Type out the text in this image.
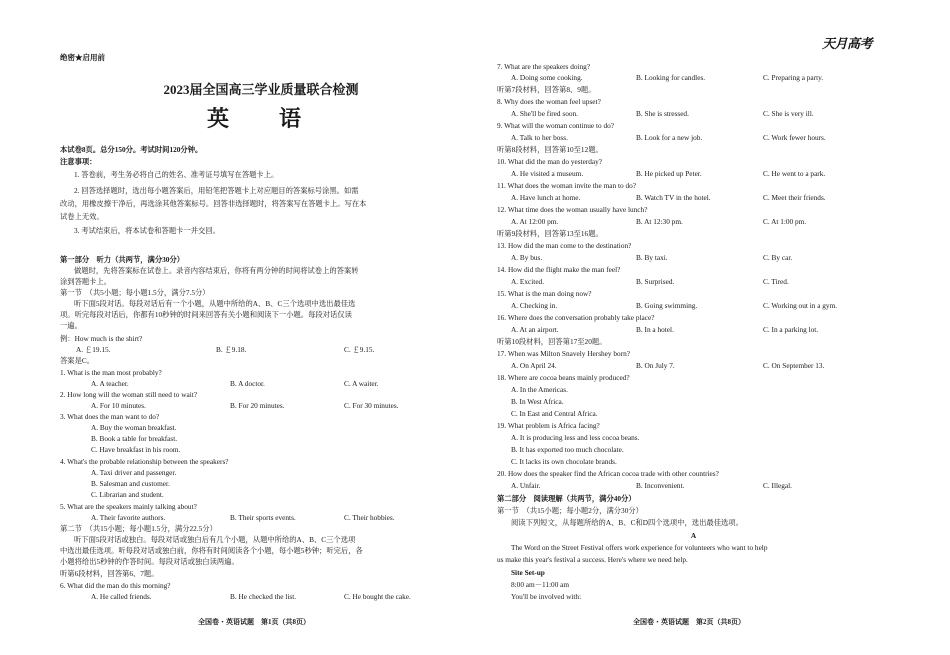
天月高考
绝密★启用前
2023届全国高三学业质量联合检测
英　语
本试卷8页。总分150分。考试时间120分钟。
注意事项：
1. 答卷前，考生务必将自己的姓名、准考证号填写在答题卡上。
2. 回答选择题时，选出每小题答案后，用铅笔把答题卡上对应题目的答案标号涂黑。如需
改动，用橡皮擦干净后，再选涂其他答案标号。回答非选择题时，将答案写在答题卡上。写在本
试卷上无效。
3. 考试结束后，将本试卷和答题卡一并交回。
第一部分　听力（共两节，满分30分）
做题时，先将答案标在试卷上。录音内容结束后，你将有两分钟的时间将试卷上的答案转
涂到答题卡上。
第一节　（共5小题；每小题1.5分，满分7.5分）
听下面5段对话。每段对话后有一个小题，从题中所给的A、B、C三个选项中选出最佳选
项。听完每段对话后，你都有10秒钟的时间来回答有关小题和阅读下一小题。每段对话仅读
一遍。
例：How much is the shirt?
A. ￡19.15.	B. ￡9.18.	C. ￡9.15.
答案是C。
1. What is the man most probably?
A. A teacher.	B. A doctor.	C. A waiter.
2. How long will the woman still need to wait?
A. For 10 minutes.	B. For 20 minutes.	C. For 30 minutes.
3. What does the man want to do?
A. Buy the woman breakfast.
B. Book a table for breakfast.
C. Have breakfast in his room.
4. What's the probable relationship between the speakers?
A. Taxi driver and passenger.
B. Salesman and customer.
C. Librarian and student.
5. What are the speakers mainly talking about?
A. Their favorite authors.	B. Their sports events.	C. Their hobbies.
第二节　（共15小题；每小题1.5分，满分22.5分）
听下面5段对话或独白。每段对话或独白后有几个小题，从题中所给的A、B、C三个选项
中选出最佳选项。听每段对话或独白前，你将有时间阅读各个小题，每小题5秒钟；听完后，各
小题将给出5秒钟的作答时间。每段对话或独白读两遍。
听第6段材料，回答第6、7题。
6. What did the man do this morning?
A. He called friends.	B. He checked the list.	C. He bought the cake.
全国卷・英语试题　第1页（共8页）
7. What are the speakers doing?
A. Doing some cooking.	B. Looking for candles.	C. Preparing a party.
听第7段材料，回答第8、9题。
8. Why does the woman feel upset?
A. She'll be fired soon.	B. She is stressed.	C. She is very ill.
9. What will the woman continue to do?
A. Talk to her boss.	B. Look for a new job.	C. Work fewer hours.
听第8段材料，回答第10至12题。
10. What did the man do yesterday?
A. He visited a museum.	B. He picked up Peter.	C. He went to a park.
11. What does the woman invite the man to do?
A. Have lunch at home.	B. Watch TV in the hotel.	C. Meet their friends.
12. What time does the woman usually have lunch?
A. At 12:00 pm.	B. At 12:30 pm.	C. At 1:00 pm.
听第9段材料，回答第13至16题。
13. How did the man come to the destination?
A. By bus.	B. By taxi.	C. By car.
14. How did the flight make the man feel?
A. Excited.	B. Surprised.	C. Tired.
15. What is the man doing now?
A. Checking in.	B. Going swimming.	C. Working out in a gym.
16. Where does the conversation probably take place?
A. At an airport.	B. In a hotel.	C. In a parking lot.
听第10段材料，回答第17至20题。
17. When was Milton Snavely Hershey born?
A. On April 24.	B. On July 7.	C. On September 13.
18. Where are cocoa beans mainly produced?
A. In the Americas.
B. In West Africa.
C. In East and Central Africa.
19. What problem is Africa facing?
A. It is producing less and less cocoa beans.
B. It has exported too much chocolate.
C. It lacks its own chocolate brands.
20. How does the speaker find the African cocoa trade with other countries?
A. Unfair.	B. Inconvenient.	C. Illegal.
第二部分　阅读理解（共两节，满分40分）
第一节　（共15小题；每小题2分，满分30分）
阅读下列短文，从每题所给的A、B、C和D四个选项中，选出最佳选项。
A
The Word on the Street Festival offers work experience for volunteers who want to help
us make this year's festival a success. Here's where we need help.
Site Set-up
8:00 am－11:00 am
You'll be involved with:
全国卷・英语试题　第2页（共8页）
